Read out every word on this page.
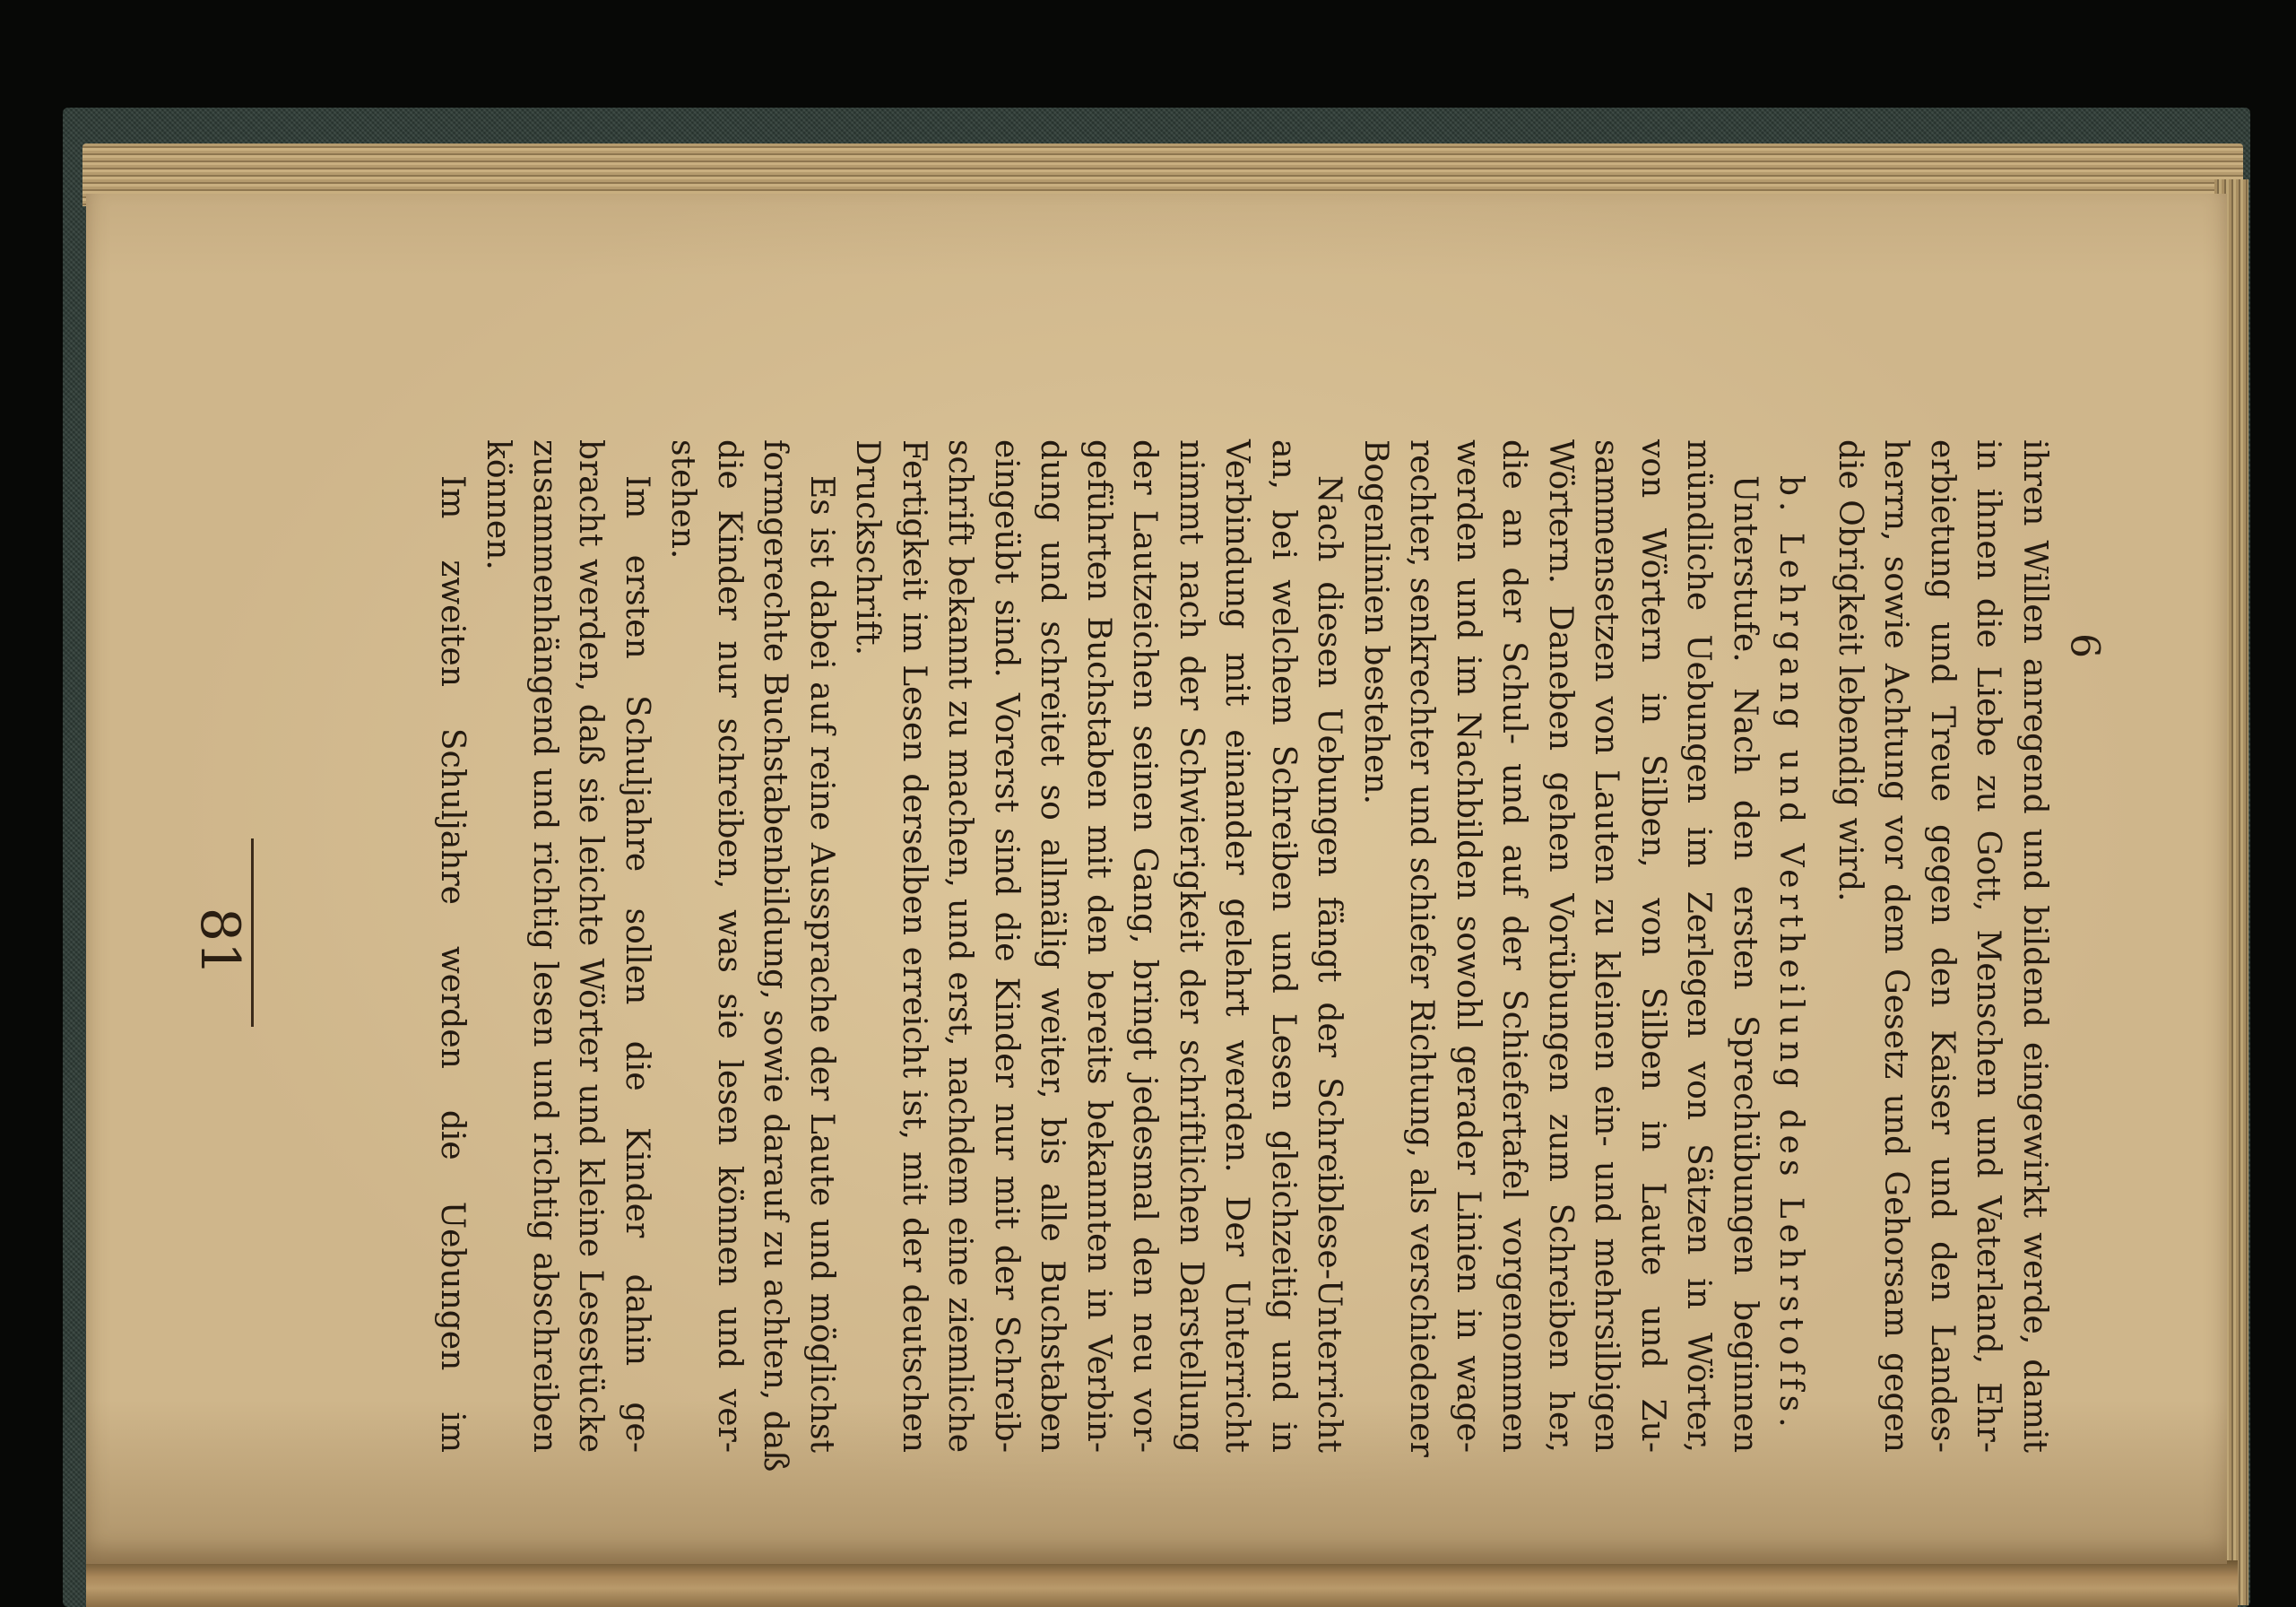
81
6
ihren Willen anregend und bildend eingewirkt werde, damit
in ihnen die Liebe zu Gott, Menschen und Vaterland, Ehr-
erbietung und Treue gegen den Kaiser und den Landes-
herrn, sowie Achtung vor dem Gesetz und Gehorsam gegen
die Obrigkeit lebendig wird.
b. Lehrgang und Vertheilung des Lehrstoffs.
Unterstufe. Nach den ersten Sprechübungen beginnen
mündliche Uebungen im Zerlegen von Sätzen in Wörter,
von Wörtern in Silben, von Silben in Laute und Zu-
sammensetzen von Lauten zu kleinen ein- und mehrsilbigen
Wörtern. Daneben gehen Vorübungen zum Schreiben her,
die an der Schul- und auf der Schiefertafel vorgenommen
werden und im Nachbilden sowohl gerader Linien in wage-
rechter, senkrechter und schiefer Richtung, als verschiedener
Bogenlinien bestehen.
Nach diesen Uebungen fängt der Schreiblese-Unterricht
an, bei welchem Schreiben und Lesen gleichzeitig und in
Verbindung mit einander gelehrt werden. Der Unterricht
nimmt nach der Schwierigkeit der schriftlichen Darstellung
der Lautzeichen seinen Gang, bringt jedesmal den neu vor-
geführten Buchstaben mit den bereits bekannten in Verbin-
dung und schreitet so allmälig weiter, bis alle Buchstaben
eingeübt sind. Vorerst sind die Kinder nur mit der Schreib-
schrift bekannt zu machen, und erst, nachdem eine ziemliche
Fertigkeit im Lesen derselben erreicht ist, mit der deutschen
Druckschrift.
Es ist dabei auf reine Aussprache der Laute und möglichst
formgerechte Buchstabenbildung, sowie darauf zu achten, daß
die Kinder nur schreiben, was sie lesen können und ver-
stehen.
Im ersten Schuljahre sollen die Kinder dahin ge-
bracht werden, daß sie leichte Wörter und kleine Lesestücke
zusammenhängend und richtig lesen und richtig abschreiben
können.
Im zweiten Schuljahre werden die Uebungen im
